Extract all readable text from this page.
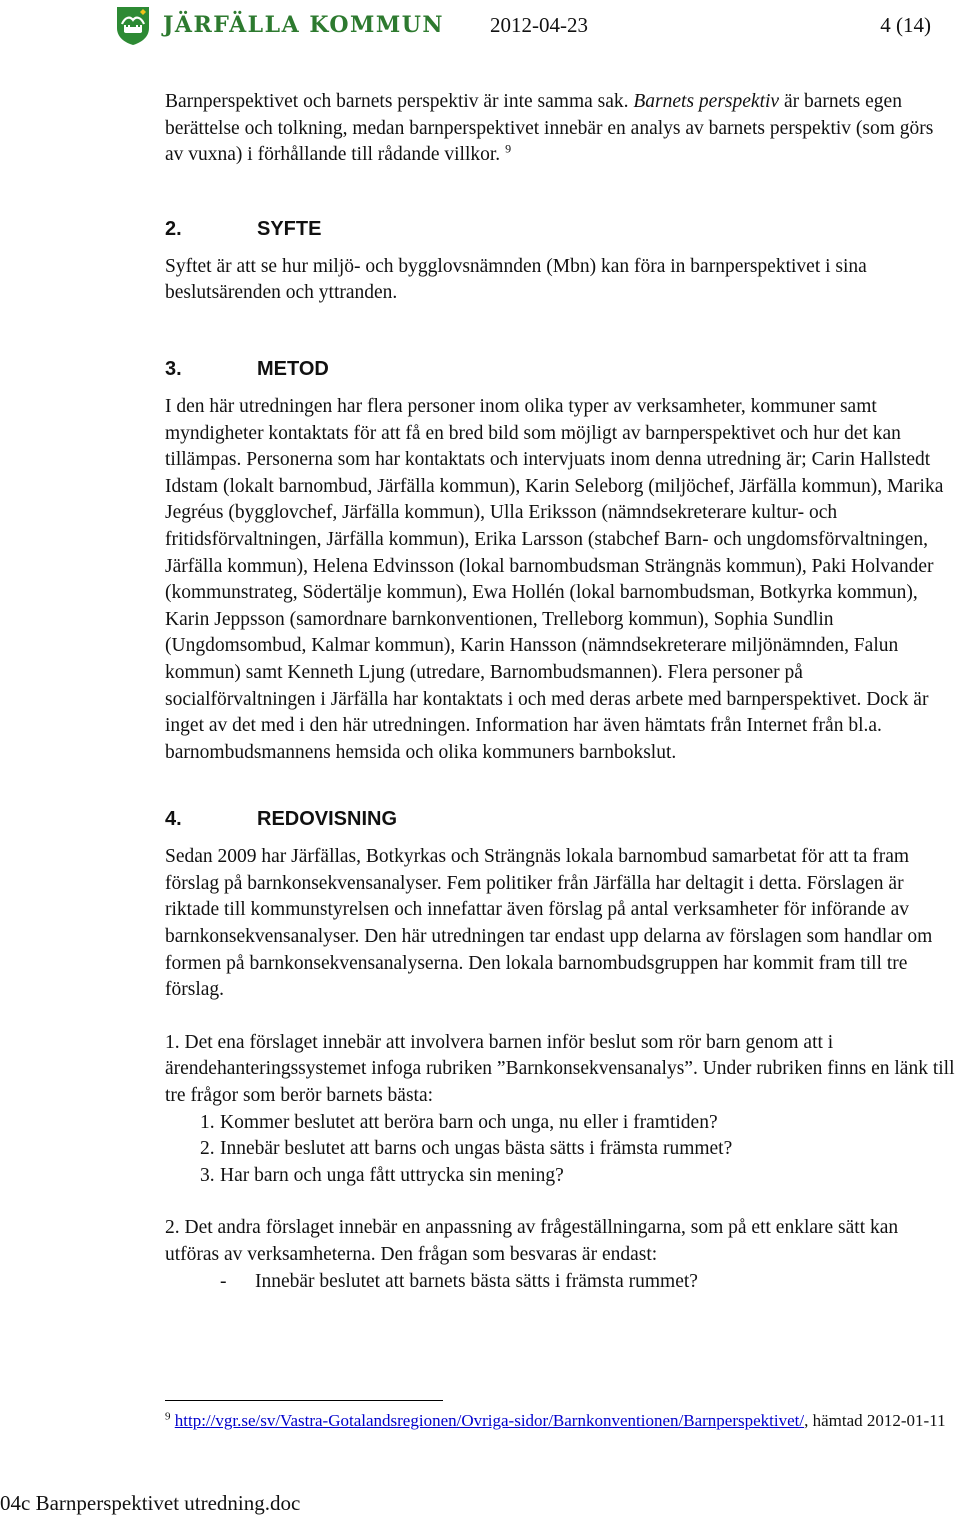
JÄRFÄLLA KOMMUN 2012-04-23	4 (14)

Barnperspektivet och barnets perspektiv är inte samma sak. Barnets perspektiv är barnets egen berättelse och tolkning, medan barnperspektivet innebär en analys av barnets perspektiv (som görs av vuxna) i förhållande till rådande villkor. $^9$

2.	SYFTE

Syftet är att se hur miljö- och bygglovsnämnden (Mbn) kan föra in barnperspektivet i sina beslutsärenden och yttranden.

3.	METOD

I den här utredningen har flera personer inom olika typer av verksamheter, kommuner samt myndigheter kontaktats för att få en bred bild som möjligt av barnperspektivet och hur det kan tillämpas. Personerna som har kontaktats och intervjuats inom denna utredning är; Carin Hallstedt Idstam (lokalt barnombud, Järfälla kommun), Karin Seleborg (miljöchef, Järfälla kommun), Marika Jegréus (bygglovchef, Järfälla kommun), Ulla Eriksson (nämndsekreterare kultur- och fritidsförvaltningen, Järfälla kommun), Erika Larsson (stabchef Barn- och ungdomsförvaltningen, Järfälla kommun), Helena Edvinsson (lokal barnombudsman Strängnäs kommun), Paki Holvander (kommunstrateg, Södertälje kommun), Ewa Hollén (lokal barnombudsman, Botkyrka kommun), Karin Jeppsson (samordnare barnkonventionen, Trelleborg kommun), Sophia Sundlin (Ungdomsombud, Kalmar kommun), Karin Hansson (nämndsekreterare miljönämnden, Falun kommun) samt Kenneth Ljung (utredare, Barnombudsmannen). Flera personer på socialförvaltningen i Järfälla har kontaktats i och med deras arbete med barnperspektivet. Dock är inget av det med i den här utredningen. Information har även hämtats från Internet från bl.a. barnombudsmannens hemsida och olika kommuners barnbokslut.

4.	REDOVISNING

Sedan 2009 har Järfällas, Botkyrkas och Strängnäs lokala barnombud samarbetat för att ta fram förslag på barnkonsekvensanalyser. Fem politiker från Järfälla har deltagit i detta. Förslagen är riktade till kommunstyrelsen och innefattar även förslag på antal verksamheter för införande av barnkonsekvensanalyser. Den här utredningen tar endast upp delarna av förslagen som handlar om formen på barnkonsekvensanalyserna. Den lokala barnombudsgruppen har kommit fram till tre förslag.

1. Det ena förslaget innebär att involvera barnen inför beslut som rör barn genom att i ärendehanteringssystemet infoga rubriken ”Barnkonsekvensanalys”. Under rubriken finns en länk till tre frågor som berör barnets bästa:

1. Kommer beslutet att beröra barn och unga, nu eller i framtiden?
2. Innebär beslutet att barns och ungas bästa sätts i främsta rummet?
3. Har barn och unga fått uttrycka sin mening?

2. Det andra förslaget innebär en anpassning av frågeställningarna, som på ett enklare sätt kan utföras av verksamheterna. Den frågan som besvaras är endast:

- Innebär beslutet att barnets bästa sätts i främsta rummet?

$^9$ http://vgr.se/sv/Vastra-Gotalandsregionen/Ovriga-sidor/Barnkonventionen/Barnperspektivet/, hämtad 2012-01-11
04c Barnperspektivet utredning.doc
